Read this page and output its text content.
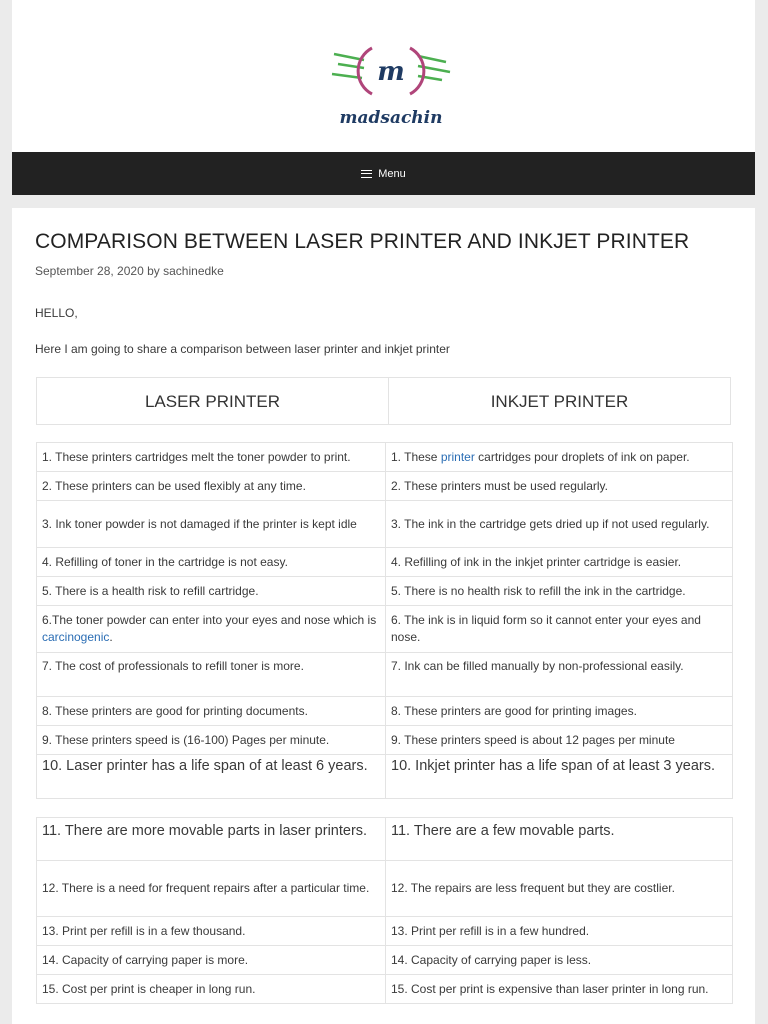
m
madsachin
Menu
COMPARISON BETWEEN LASER PRINTER AND INKJET PRINTER
September 28, 2020 by sachinedke

HELLO,

Here I am going to share a comparison between laser printer and inkjet printer

LASER PRINTER	INKJET PRINTER
1. These printers cartridges melt the toner powder to print.	1. These printer cartridges pour droplets of ink on paper.
2. These printers can be used flexibly at any time.	2. These printers must be used regularly.
3. Ink toner powder is not damaged if the printer is kept idle	3. The ink in the cartridge gets dried up if not used regularly.
4. Refilling of toner in the cartridge is not easy.	4. Refilling of ink in the inkjet printer cartridge is easier.
5. There is a health risk to refill cartridge.	5. There is no health risk to refill the ink in the cartridge.
6.The toner powder can enter into your eyes and nose which is carcinogenic.	6. The ink is in liquid form so it cannot enter your eyes and nose.
7. The cost of professionals to refill toner is more.	7. Ink can be filled manually by non-professional easily.
8. These printers are good for printing documents.	8. These printers are good for printing images.
9. These printers speed is (16-100) Pages per minute.	9. These printers speed is about 12 pages per minute
10. Laser printer has a life span of at least 6 years.	10. Inkjet printer has a life span of at least 3 years.
11. There are more movable parts in laser printers.	11. There are a few movable parts.
12. There is a need for frequent repairs after a particular time.	12. The repairs are less frequent but they are costlier.
13. Print per refill is in a few thousand.	13. Print per refill is in a few hundred.
14. Capacity of carrying paper is more.	14. Capacity of carrying paper is less.
15. Cost per print is cheaper in long run.	15. Cost per print is expensive than laser printer in long run.
